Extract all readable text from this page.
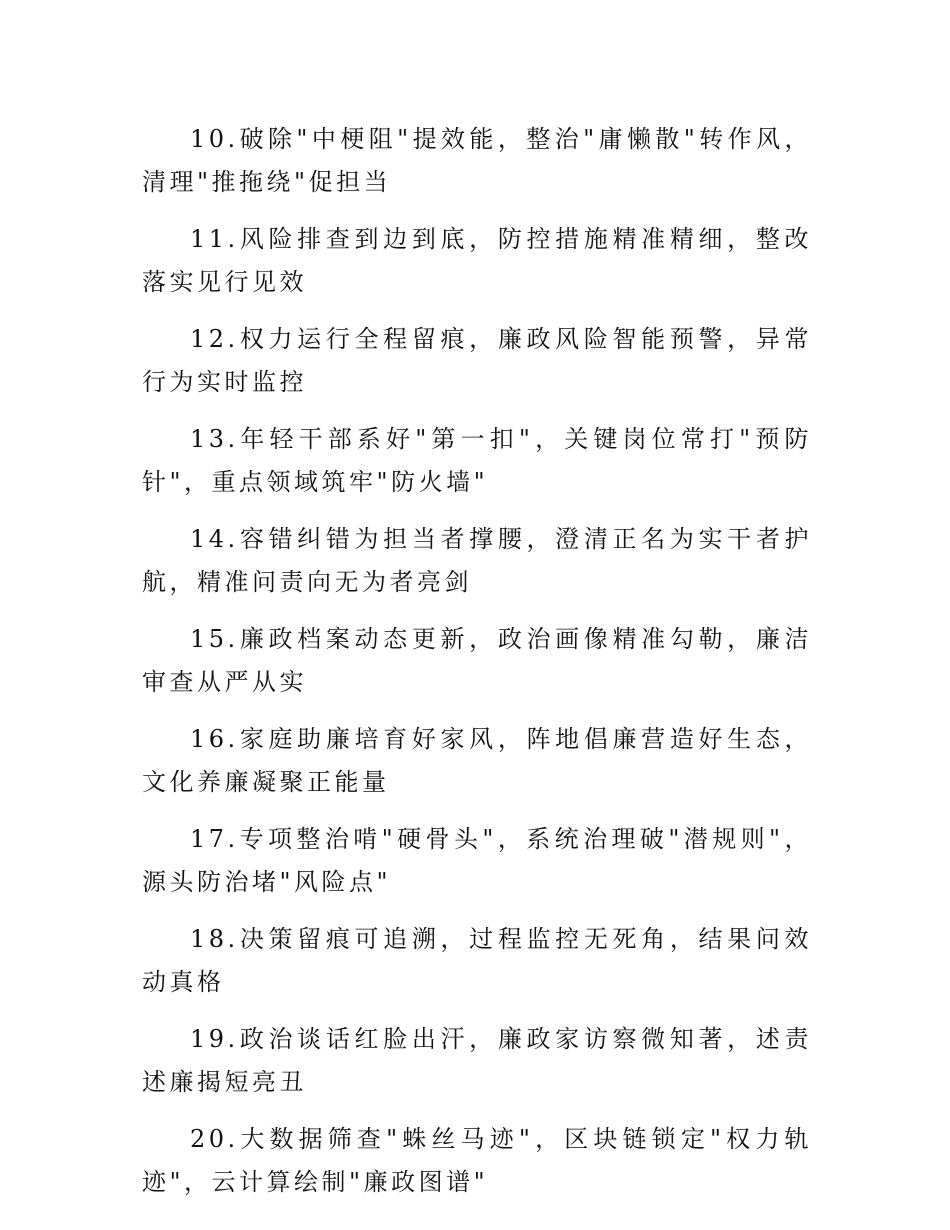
10.破除"中梗阻"提效能，整治"庸懒散"转作风，清理"推拖绕"促担当

11.风险排查到边到底，防控措施精准精细，整改落实见行见效

12.权力运行全程留痕，廉政风险智能预警，异常行为实时监控

13.年轻干部系好"第一扣"，关键岗位常打"预防针"，重点领域筑牢"防火墙"

14.容错纠错为担当者撑腰，澄清正名为实干者护航，精准问责向无为者亮剑

15.廉政档案动态更新，政治画像精准勾勒，廉洁审查从严从实

16.家庭助廉培育好家风，阵地倡廉营造好生态，文化养廉凝聚正能量

17.专项整治啃"硬骨头"，系统治理破"潜规则"，源头防治堵"风险点"

18.决策留痕可追溯，过程监控无死角，结果问效动真格

19.政治谈话红脸出汗，廉政家访察微知著，述责述廉揭短亮丑

20.大数据筛查"蛛丝马迹"，区块链锁定"权力轨迹"，云计算绘制"廉政图谱"
